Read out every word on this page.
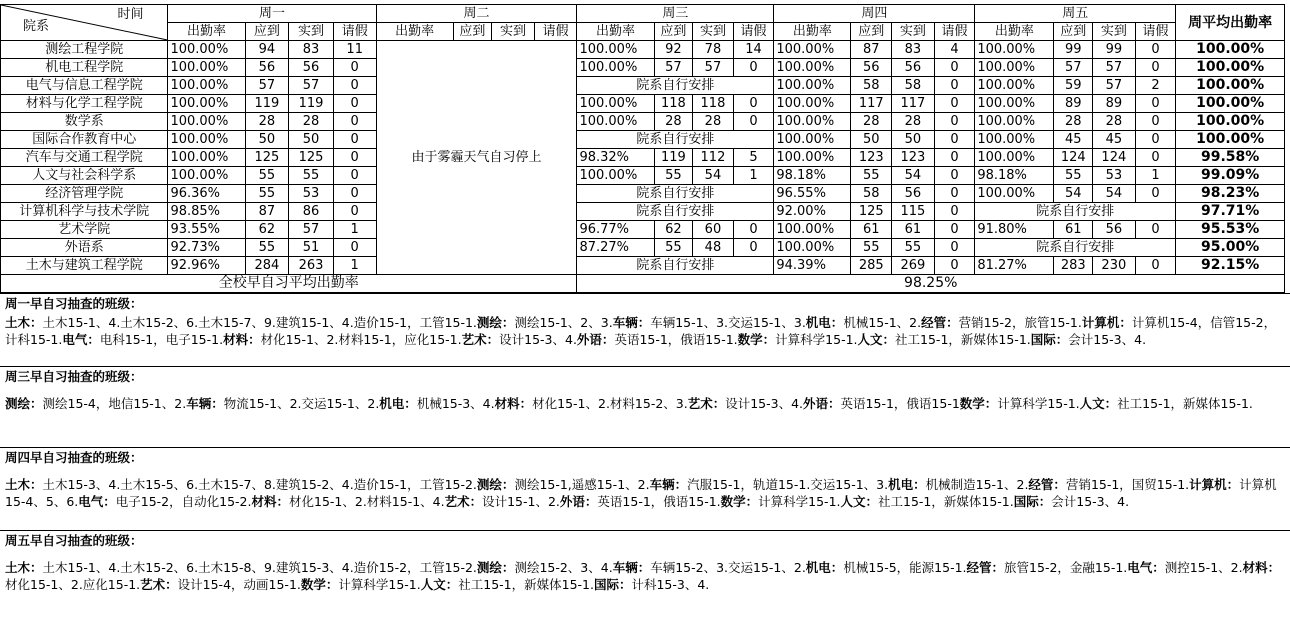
院系
时间	周一				周二				周三				周四				周五				周平均出勤率
	出勤率	应到	实到	请假	出勤率	应到	实到	请假	出勤率	应到	实到	请假	出勤率	应到	实到	请假	出勤率	应到	实到	请假	
测绘工程学院	100.00%	94	83	11	由于雾霾天气自习停上				100.00%	92	78	14	100.00%	87	83	4	100.00%	99	99	0	100.00%
机电工程学院	100.00%	56	56	0					100.00%	57	57	0	100.00%	56	56	0	100.00%	57	57	0	100.00%
电气与信息工程学院	100.00%	57	57	0					院系自行安排				100.00%	58	58	0	100.00%	59	57	2	100.00%
材料与化学工程学院	100.00%	119	119	0					100.00%	118	118	0	100.00%	117	117	0	100.00%	89	89	0	100.00%
数学系	100.00%	28	28	0					100.00%	28	28	0	100.00%	28	28	0	100.00%	28	28	0	100.00%
国际合作教育中心	100.00%	50	50	0					院系自行安排				100.00%	50	50	0	100.00%	45	45	0	100.00%
汽车与交通工程学院	100.00%	125	125	0					98.32%	119	112	5	100.00%	123	123	0	100.00%	124	124	0	99.58%
人文与社会科学系	100.00%	55	55	0					100.00%	55	54	1	98.18%	55	54	0	98.18%	55	53	1	99.09%
经济管理学院	96.36%	55	53	0					院系自行安排				96.55%	58	56	0	100.00%	54	54	0	98.23%
计算机科学与技术学院	98.85%	87	86	0					院系自行安排				92.00%	125	115	0	院系自行安排				97.71%
艺术学院	93.55%	62	57	1					96.77%	62	60	0	100.00%	61	61	0	91.80%	61	56	0	95.53%
外语系	92.73%	55	51	0					87.27%	55	48	0	100.00%	55	55	0	院系自行安排				95.00%
土木与建筑工程学院	92.96%	284	263	1					院系自行安排				94.39%	285	269	0	81.27%	283	230	0	92.15%
全校早自习平均出勤率									98.25%												
周一早自习抽查的班级：
土木：土木15-1、4.土木15-2、6.土木15-7、9.建筑15-1、4.造价15-1，工管15-1.测绘：测绘15-1、2、3.车辆：车辆15-1、3.交运15-1、3.机电：机械15-1、2.经管：营销15-2，旅管15-1.计算机：计算机15-4，信管15-2，计科15-1.电气：电科15-1，电子15-1.材料：材化15-1、2.材料15-1，应化15-1.艺术：设计15-3、4.外语：英语15-1，俄语15-1.数学：计算科学15-1.人文：社工15-1，新媒体15-1.国际：会计15-3、4.
周三早自习抽查的班级：
测绘：测绘15-4，地信15-1、2.车辆：物流15-1、2.交运15-1、2.机电：机械15-3、4.材料：材化15-1、2.材料15-2、3.艺术：设计15-3、4.外语：英语15-1，俄语15-1数学：计算科学15-1.人文：社工15-1，新媒体15-1.
周四早自习抽查的班级：
土木：土木15-3、4.土木15-5、6.土木15-7、8.建筑15-2、4.造价15-1，工管15-2.测绘：测绘15-1,遥感15-1、2.车辆：汽服15-1，轨道15-1.交运15-1、3.机电：机械制造15-1、2.经管：营销15-1，国贸15-1.计算机：计算机15-4、5、6.电气：电子15-2，自动化15-2.材料：材化15-1、2.材料15-1、4.艺术：设计15-1、2.外语：英语15-1，俄语15-1.数学：计算科学15-1.人文：社工15-1，新媒体15-1.国际：会计15-3、4.
周五早自习抽查的班级：
土木：土木15-1、4.土木15-2、6.土木15-8、9.建筑15-3、4.造价15-2，工管15-2.测绘：测绘15-2、3、4.车辆：车辆15-2、3.交运15-1、2.机电：机械15-5，能源15-1.经管：旅管15-2，金融15-1.电气：测控15-1、2.材料：材化15-1、2.应化15-1.艺术：设计15-4，动画15-1.数学：计算科学15-1.人文：社工15-1，新媒体15-1.国际：计科15-3、4.
